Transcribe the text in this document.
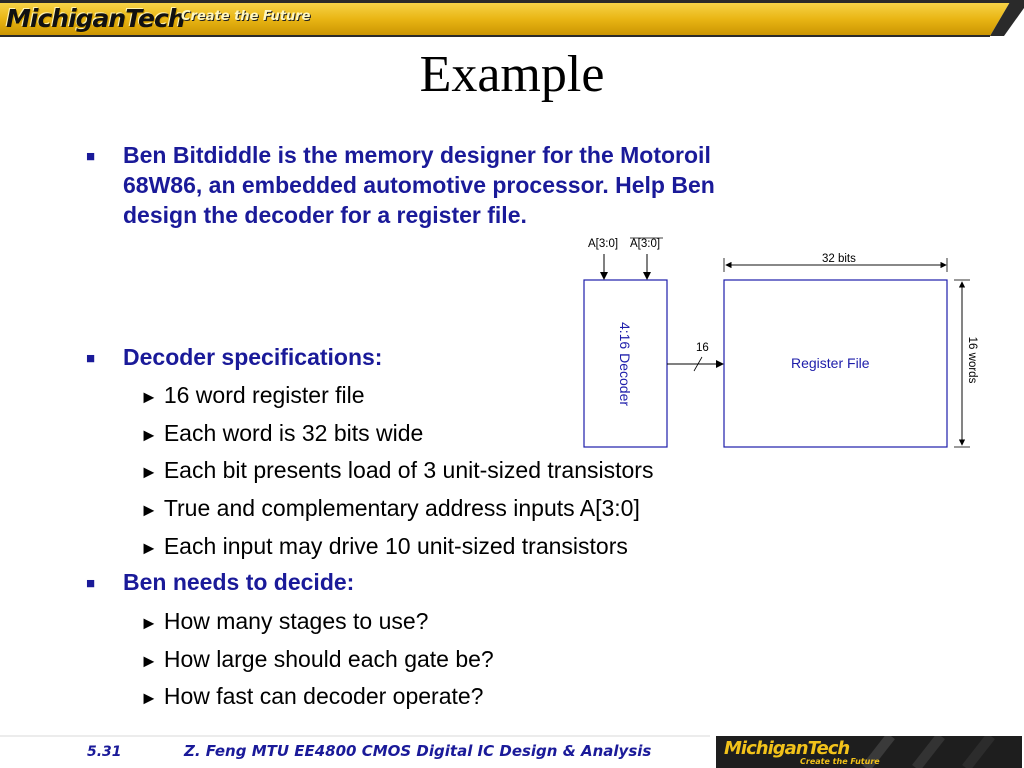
MichiganTech
Create the Future
Example
■ Ben Bitdiddle is the memory designer for the Motoroil
68W86, an embedded automotive processor. Help Ben
design the decoder for a register file.
■ Decoder specifications:
► 16 word register file
► Each word is 32 bits wide
► Each bit presents load of 3 unit-sized transistors
► True and complementary address inputs A[3:0]
► Each input may drive 10 unit-sized transistors
■ Ben needs to decide:
► How many stages to use?
► How large should each gate be?
► How fast can decoder operate?
A[3:0] A[3:0]
32 bits
16
Register File
4:16 Decoder	16 words
5.31	Z. Feng MTU EE4800 CMOS Digital IC Design & Analysis	MichiganTech
Create the Future
